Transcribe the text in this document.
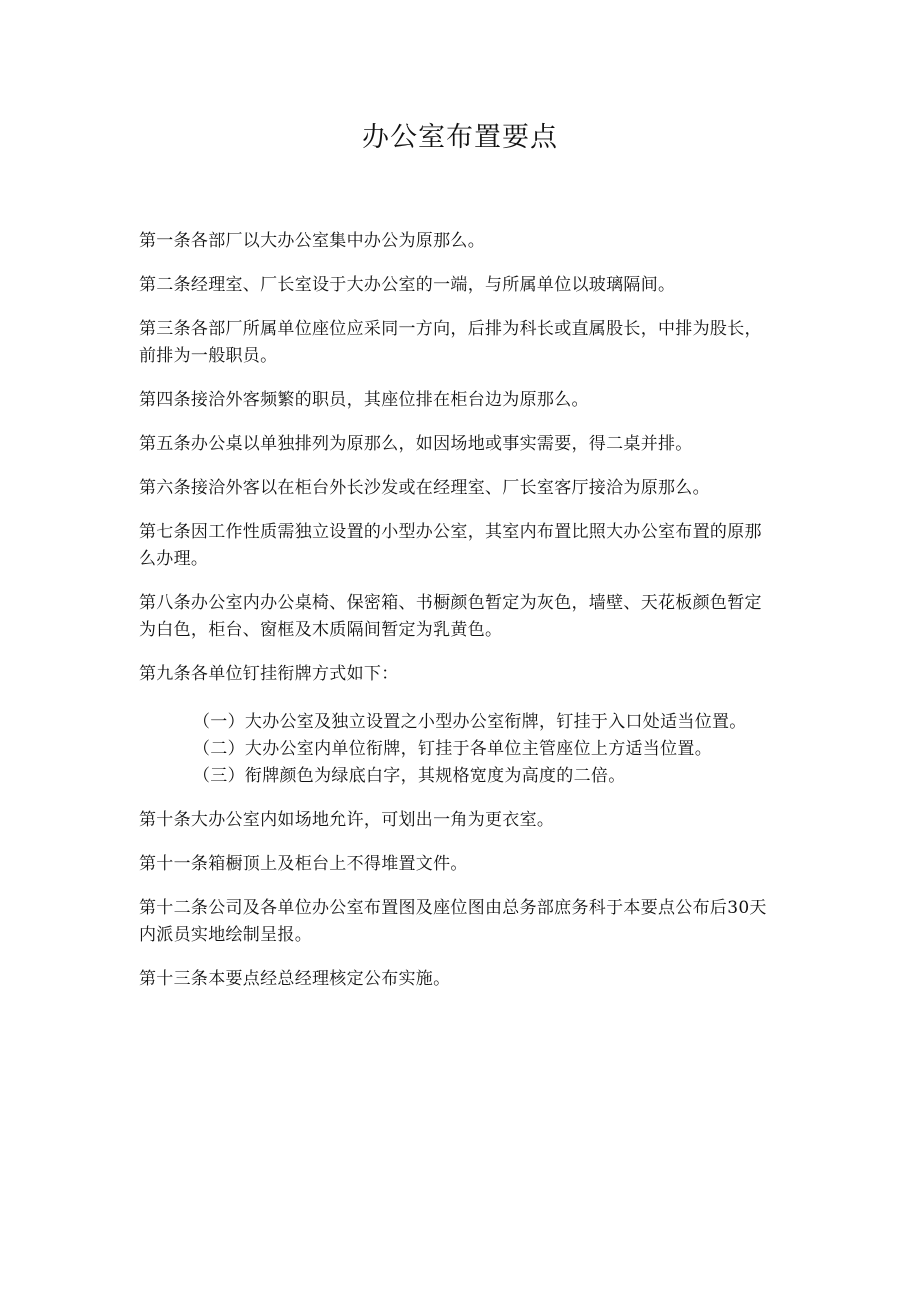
办公室布置要点

第一条各部厂以大办公室集中办公为原那么。

第二条经理室、厂长室设于大办公室的一端，与所属单位以玻璃隔间。

第三条各部厂所属单位座位应采同一方向，后排为科长或直属股长，中排为股长，前排为一般职员。

第四条接洽外客频繁的职员，其座位排在柜台边为原那么。

第五条办公桌以单独排列为原那么，如因场地或事实需要，得二桌并排。

第六条接洽外客以在柜台外长沙发或在经理室、厂长室客厅接洽为原那么。

第七条因工作性质需独立设置的小型办公室，其室内布置比照大办公室布置的原那么办理。

第八条办公室内办公桌椅、保密箱、书橱颜色暂定为灰色，墙壁、天花板颜色暂定为白色，柜台、窗框及木质隔间暂定为乳黄色。

第九条各单位钉挂衔牌方式如下：

（一）大办公室及独立设置之小型办公室衔牌，钉挂于入口处适当位置。

（二）大办公室内单位衔牌，钉挂于各单位主管座位上方适当位置。

（三）衔牌颜色为绿底白字，其规格宽度为高度的二倍。

第十条大办公室内如场地允许，可划出一角为更衣室。

第十一条箱橱顶上及柜台上不得堆置文件。

第十二条公司及各单位办公室布置图及座位图由总务部庶务科于本要点公布后30天内派员实地绘制呈报。

第十三条本要点经总经理核定公布实施。
